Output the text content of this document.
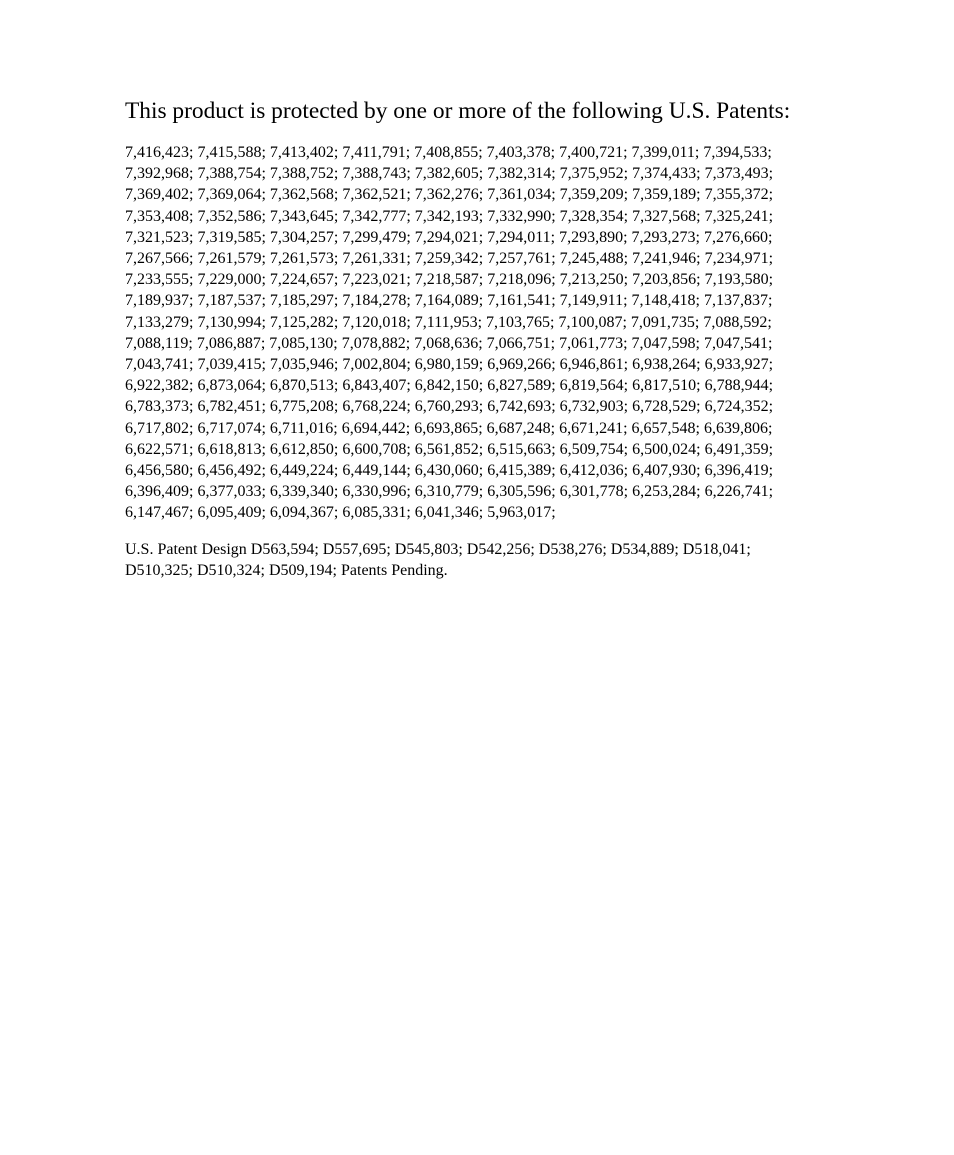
This product is protected by one or more of the following U.S. Patents:
7,416,423; 7,415,588; 7,413,402; 7,411,791; 7,408,855; 7,403,378; 7,400,721; 7,399,011; 7,394,533;
7,392,968; 7,388,754; 7,388,752; 7,388,743; 7,382,605; 7,382,314; 7,375,952; 7,374,433; 7,373,493;
7,369,402; 7,369,064; 7,362,568; 7,362,521; 7,362,276; 7,361,034; 7,359,209; 7,359,189; 7,355,372;
7,353,408; 7,352,586; 7,343,645; 7,342,777; 7,342,193; 7,332,990; 7,328,354; 7,327,568; 7,325,241;
7,321,523; 7,319,585; 7,304,257; 7,299,479; 7,294,021; 7,294,011; 7,293,890; 7,293,273; 7,276,660;
7,267,566; 7,261,579; 7,261,573; 7,261,331; 7,259,342; 7,257,761; 7,245,488; 7,241,946; 7,234,971;
7,233,555; 7,229,000; 7,224,657; 7,223,021; 7,218,587; 7,218,096; 7,213,250; 7,203,856; 7,193,580;
7,189,937; 7,187,537; 7,185,297; 7,184,278; 7,164,089; 7,161,541; 7,149,911; 7,148,418; 7,137,837;
7,133,279; 7,130,994; 7,125,282; 7,120,018; 7,111,953; 7,103,765; 7,100,087; 7,091,735; 7,088,592;
7,088,119; 7,086,887; 7,085,130; 7,078,882; 7,068,636; 7,066,751; 7,061,773; 7,047,598; 7,047,541;
7,043,741; 7,039,415; 7,035,946; 7,002,804; 6,980,159; 6,969,266; 6,946,861; 6,938,264; 6,933,927;
6,922,382; 6,873,064; 6,870,513; 6,843,407; 6,842,150; 6,827,589; 6,819,564; 6,817,510; 6,788,944;
6,783,373; 6,782,451; 6,775,208; 6,768,224; 6,760,293; 6,742,693; 6,732,903; 6,728,529; 6,724,352;
6,717,802; 6,717,074; 6,711,016; 6,694,442; 6,693,865; 6,687,248; 6,671,241; 6,657,548; 6,639,806;
6,622,571; 6,618,813; 6,612,850; 6,600,708; 6,561,852; 6,515,663; 6,509,754; 6,500,024; 6,491,359;
6,456,580; 6,456,492; 6,449,224; 6,449,144; 6,430,060; 6,415,389; 6,412,036; 6,407,930; 6,396,419;
6,396,409; 6,377,033; 6,339,340; 6,330,996; 6,310,779; 6,305,596; 6,301,778; 6,253,284; 6,226,741;
6,147,467; 6,095,409; 6,094,367; 6,085,331; 6,041,346; 5,963,017;
U.S. Patent Design D563,594; D557,695; D545,803; D542,256; D538,276; D534,889; D518,041;
D510,325; D510,324; D509,194; Patents Pending.
